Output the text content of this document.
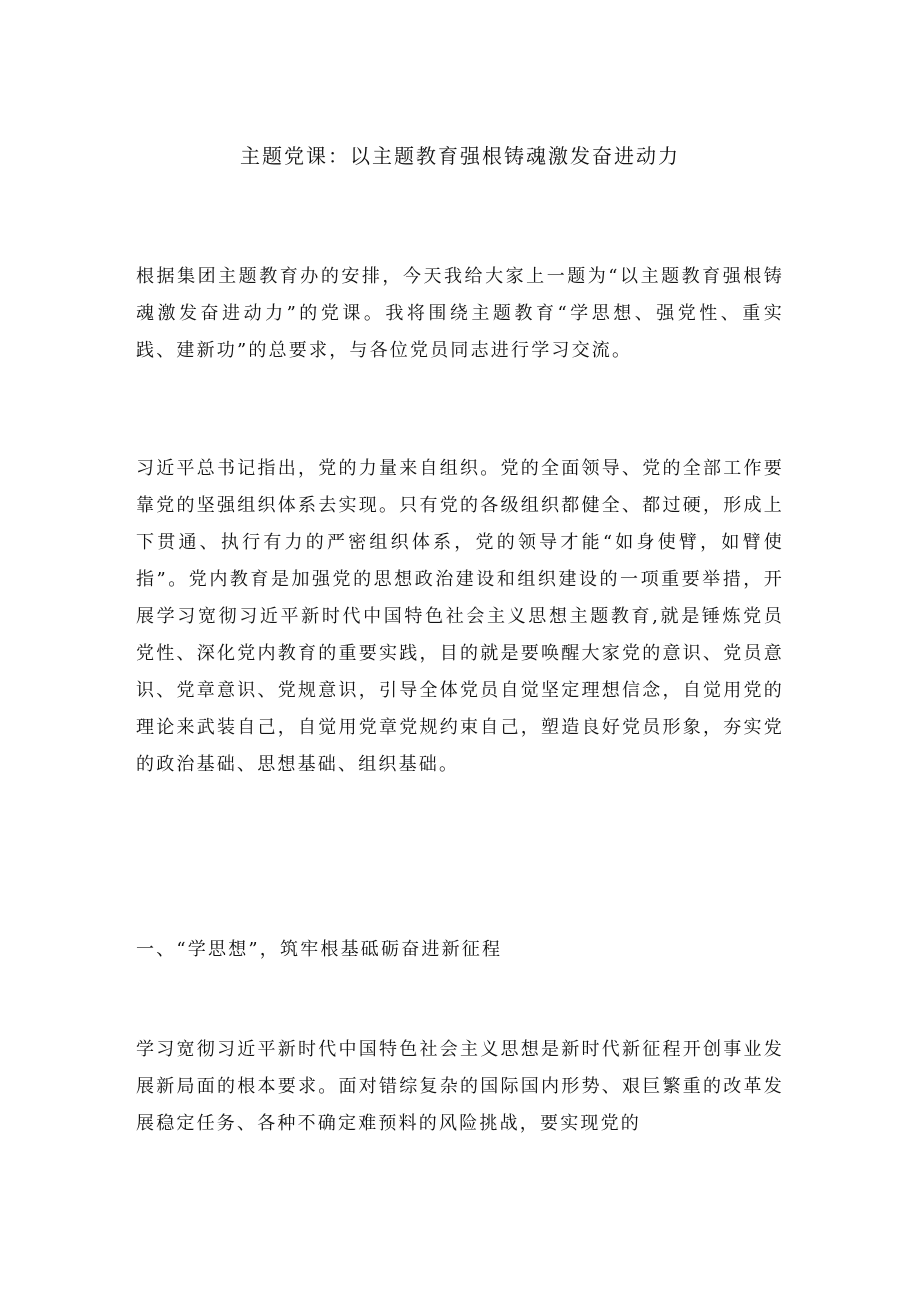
主题党课：以主题教育强根铸魂激发奋进动力

根据集团主题教育办的安排，今天我给大家上一题为“以主题教育强根铸魂激发奋进动力”的党课。我将围绕主题教育“学思想、强党性、重实践、建新功”的总要求，与各位党员同志进行学习交流。

习近平总书记指出，党的力量来自组织。党的全面领导、党的全部工作要靠党的坚强组织体系去实现。只有党的各级组织都健全、都过硬，形成上下贯通、执行有力的严密组织体系，党的领导才能“如身使臂，如臂使指”。党内教育是加强党的思想政治建设和组织建设的一项重要举措，开展学习宽彻习近平新时代中国特色社会主义思想主题教育,就是锤炼党员党性、深化党内教育的重要实践，目的就是要唤醒大家党的意识、党员意识、党章意识、党规意识，引导全体党员自觉坚定理想信念，自觉用党的理论来武装自己，自觉用党章党规约束自己，塑造良好党员形象，夯实党的政治基础、思想基础、组织基础。

一、“学思想”，筑牢根基砥砺奋进新征程

学习宽彻习近平新时代中国特色社会主义思想是新时代新征程开创事业发展新局面的根本要求。面对错综复杂的国际国内形势、艰巨繁重的改革发展稳定任务、各种不确定难预料的风险挑战，要实现党的
